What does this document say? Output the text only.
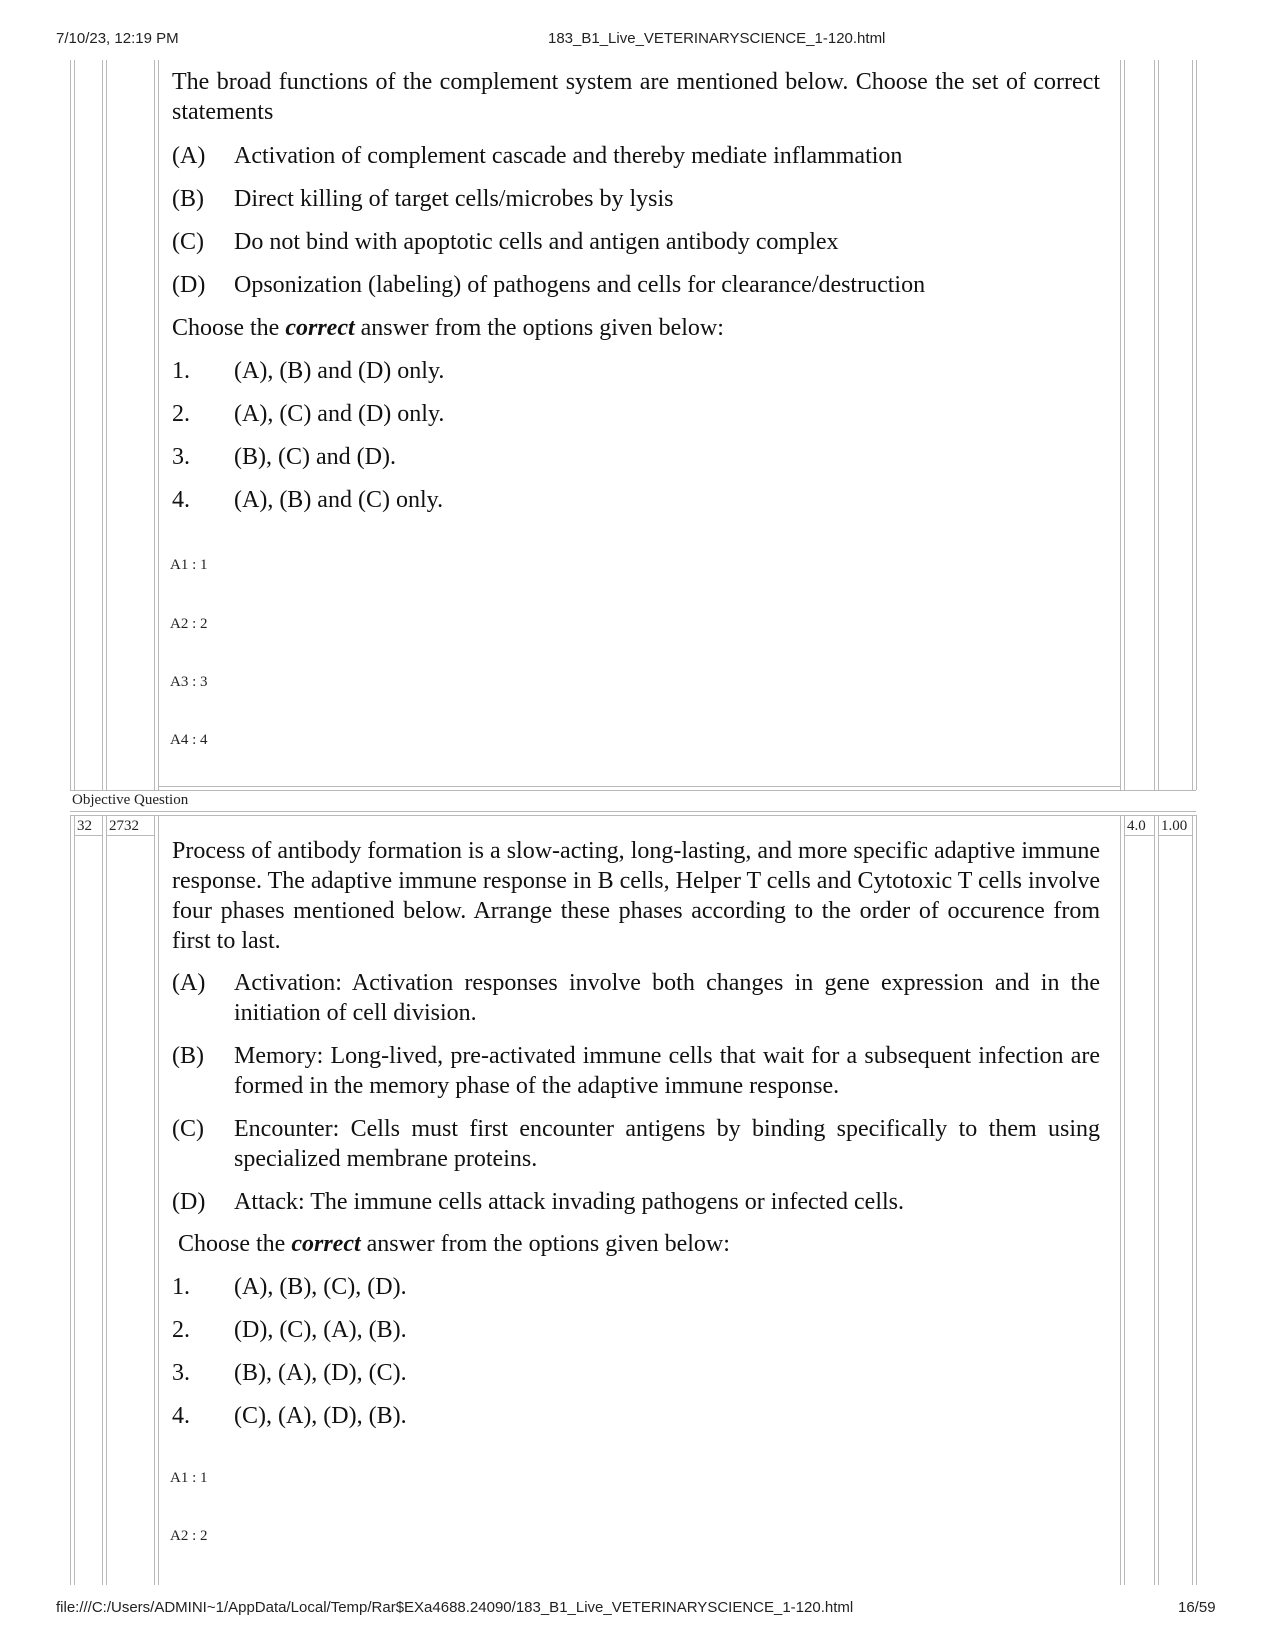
7/10/23, 12:19 PM	183_B1_Live_VETERINARYSCIENCE_1-120.html
The broad functions of the complement system are mentioned below. Choose the set of correct statements
(A)	Activation of complement cascade and thereby mediate inflammation
(B)	Direct killing of target cells/microbes by lysis
(C)	Do not bind with apoptotic cells and antigen antibody complex
(D)	Opsonization (labeling) of pathogens and cells for clearance/destruction
Choose the correct answer from the options given below:
1.	(A), (B) and (D) only.
2.	(A), (C) and (D) only.
3.	(B), (C) and (D).
4.	(A), (B) and (C) only.
A1 : 1
A2 : 2
A3 : 3
A4 : 4
Objective Question
32 2732	4.0 1.00
Process of antibody formation is a slow-acting, long-lasting, and more specific adaptive immune response. The adaptive immune response in B cells, Helper T cells and Cytotoxic T cells involve four phases mentioned below. Arrange these phases according to the order of occurence from first to last.
(A)	Activation: Activation responses involve both changes in gene expression and in the initiation of cell division.
(B)	Memory: Long-lived, pre-activated immune cells that wait for a subsequent infection are formed in the memory phase of the adaptive immune response.
(C)	Encounter: Cells must first encounter antigens by binding specifically to them using specialized membrane proteins.
(D)	Attack: The immune cells attack invading pathogens or infected cells.
Choose the correct answer from the options given below:
1.	(A), (B), (C), (D).
2.	(D), (C), (A), (B).
3.	(B), (A), (D), (C).
4.	(C), (A), (D), (B).
A1 : 1
A2 : 2
file:///C:/Users/ADMINI~1/AppData/Local/Temp/Rar$EXa4688.24090/183_B1_Live_VETERINARYSCIENCE_1-120.html	16/59
